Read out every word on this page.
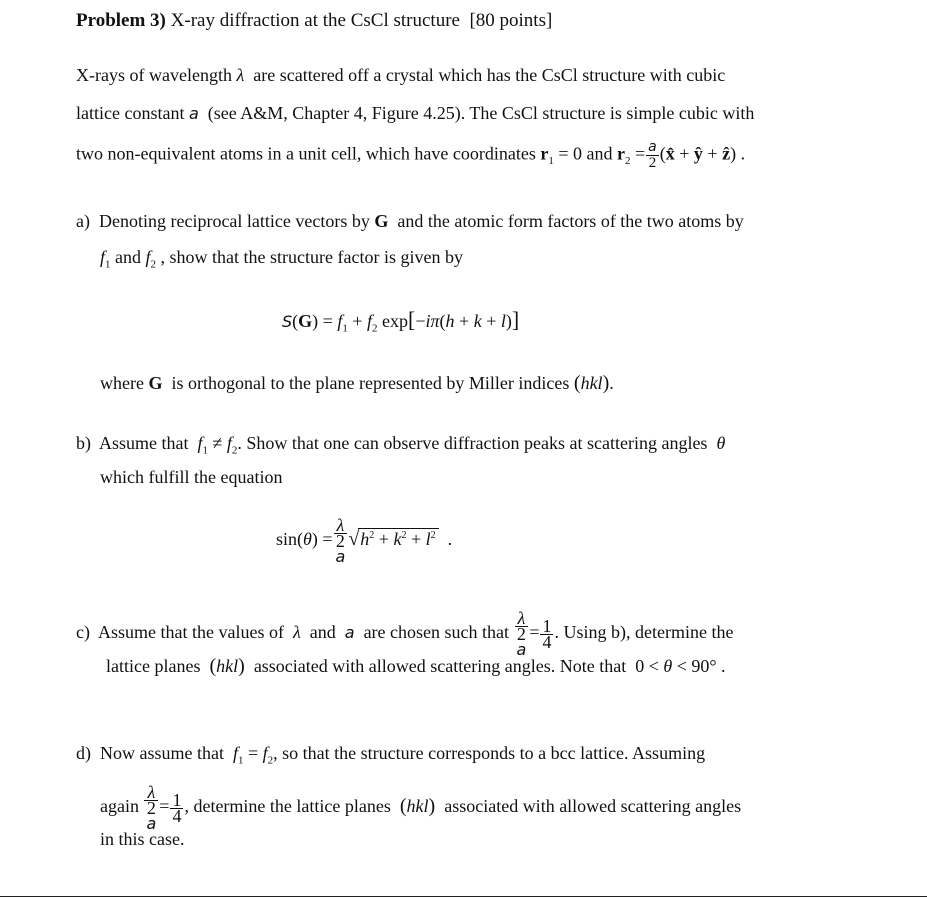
Problem 3) X-ray diffraction at the CsCl structure  [80 points]
X-rays of wavelength λ  are scattered off a crystal which has the CsCl structure with cubic
lattice constant a  (see A&M, Chapter 4, Figure 4.25). The CsCl structure is simple cubic with
two non-equivalent atoms in a unit cell, which have coordinates $r_1 = 0$ and $r_2 = \frac{a}{2}$ (x̂ + ŷ + ẑ) .
a)  Denoting reciprocal lattice vectors by G  and the atomic form factors of the two atoms by
$f_1$ and $f_2$ , show that the structure factor is given by
$S(G) = f_1 + f_2$ exp[−iπ(h + k + l)]
where G  is orthogonal to the plane represented by Miller indices (hkl).
b)  Assume that  $f_1 \ne f_2$. Show that one can observe diffraction peaks at scattering angles  θ
which fulfill the equation
sin(θ) = λ
2
a $√h^2 + k^2 + l^2$  .
c)  Assume that the values of  λ  and  a  are chosen such that λ
2
$a = \frac{1}{4}$ . Using b), determine the
lattice planes  (hkl)  associated with allowed scattering angles. Note that  0 < θ < 90° .
d)  Now assume that  $f_1 = f_2$, so that the structure corresponds to a bcc lattice. Assuming
again λ
2
$a = \frac{1}{4}$ , determine the lattice planes  (hkl)  associated with allowed scattering angles
in this case.
